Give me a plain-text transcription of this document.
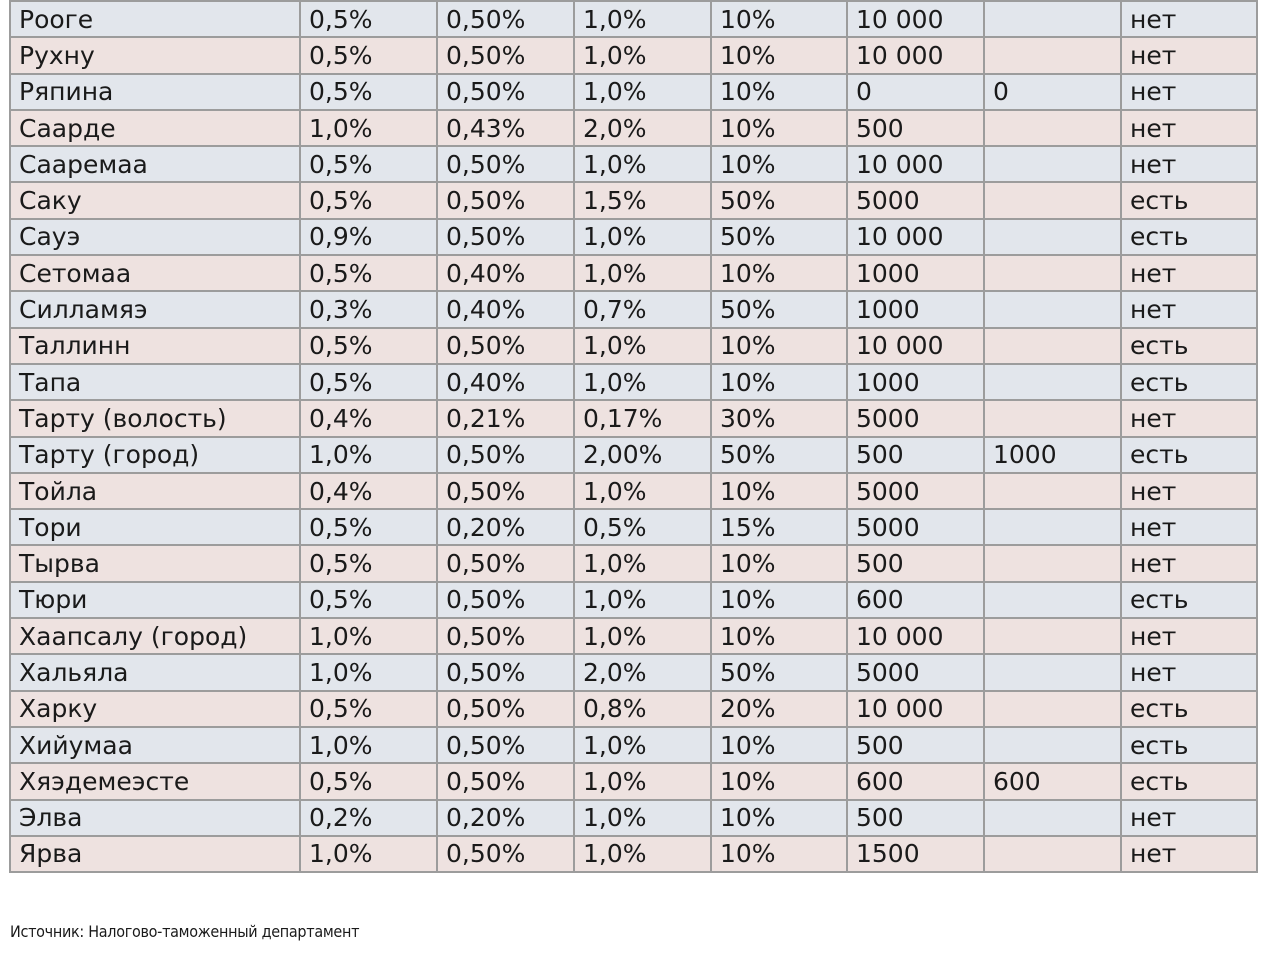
Рооге	0,5%	0,50%	1,0%	10%	10 000		нет
Рухну	0,5%	0,50%	1,0%	10%	10 000		нет
Ряпина	0,5%	0,50%	1,0%	10%	0	0	нет
Саарде	1,0%	0,43%	2,0%	10%	500		нет
Сааремаа	0,5%	0,50%	1,0%	10%	10 000		нет
Саку	0,5%	0,50%	1,5%	50%	5000		есть
Сауэ	0,9%	0,50%	1,0%	50%	10 000		есть
Сетомаа	0,5%	0,40%	1,0%	10%	1000		нет
Силламяэ	0,3%	0,40%	0,7%	50%	1000		нет
Таллинн	0,5%	0,50%	1,0%	10%	10 000		есть
Тапа	0,5%	0,40%	1,0%	10%	1000		есть
Тарту (волость)	0,4%	0,21%	0,17%	30%	5000		нет
Тарту (город)	1,0%	0,50%	2,00%	50%	500	1000	есть
Тойла	0,4%	0,50%	1,0%	10%	5000		нет
Тори	0,5%	0,20%	0,5%	15%	5000		нет
Тырва	0,5%	0,50%	1,0%	10%	500		нет
Тюри	0,5%	0,50%	1,0%	10%	600		есть
Хаапсалу (город)	1,0%	0,50%	1,0%	10%	10 000		нет
Хальяла	1,0%	0,50%	2,0%	50%	5000		нет
Харку	0,5%	0,50%	0,8%	20%	10 000		есть
Хийумаа	1,0%	0,50%	1,0%	10%	500		есть
Хяэдемеэсте	0,5%	0,50%	1,0%	10%	600	600	есть
Элва	0,2%	0,20%	1,0%	10%	500		нет
Ярва	1,0%	0,50%	1,0%	10%	1500		нет
Источник: Налогово-таможенный департамент
